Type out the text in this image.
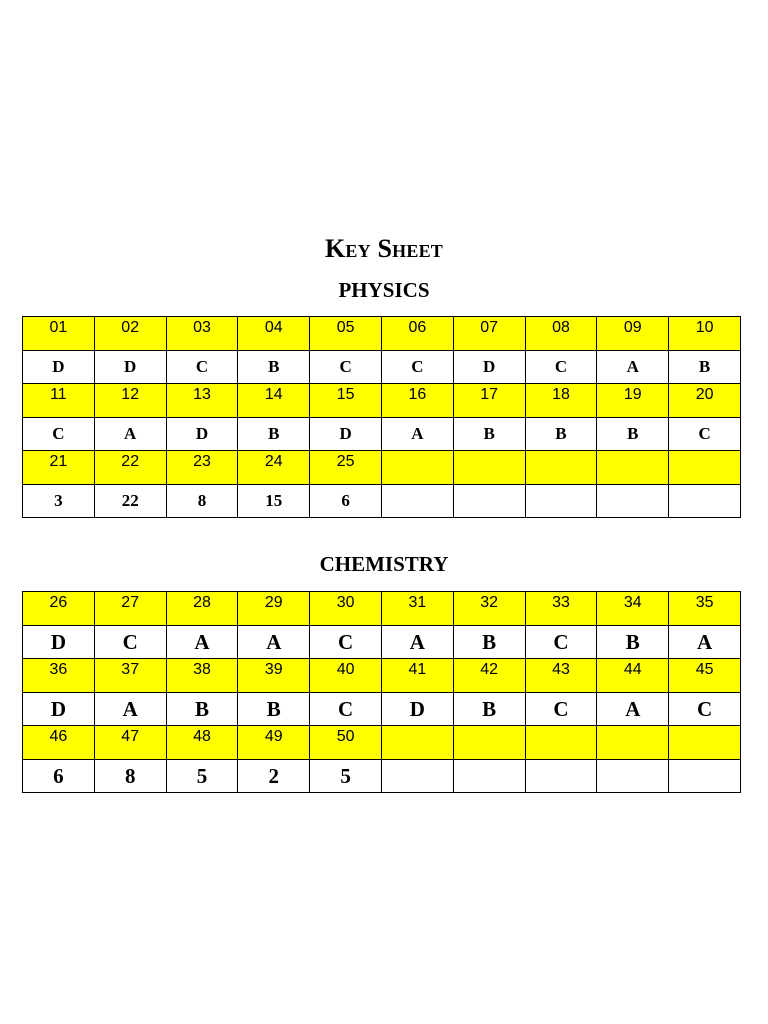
Key Sheet
PHYSICS
01	02	03	04	05	06	07	08	09	10
D	D	C	B	C	C	D	C	A	B
11	12	13	14	15	16	17	18	19	20
C	A	D	B	D	A	B	B	B	C
21	22	23	24	25					
3	22	8	15	6					
CHEMISTRY
26	27	28	29	30	31	32	33	34	35
D	C	A	A	C	A	B	C	B	A
36	37	38	39	40	41	42	43	44	45
D	A	B	B	C	D	B	C	A	C
46	47	48	49	50					
6	8	5	2	5					
